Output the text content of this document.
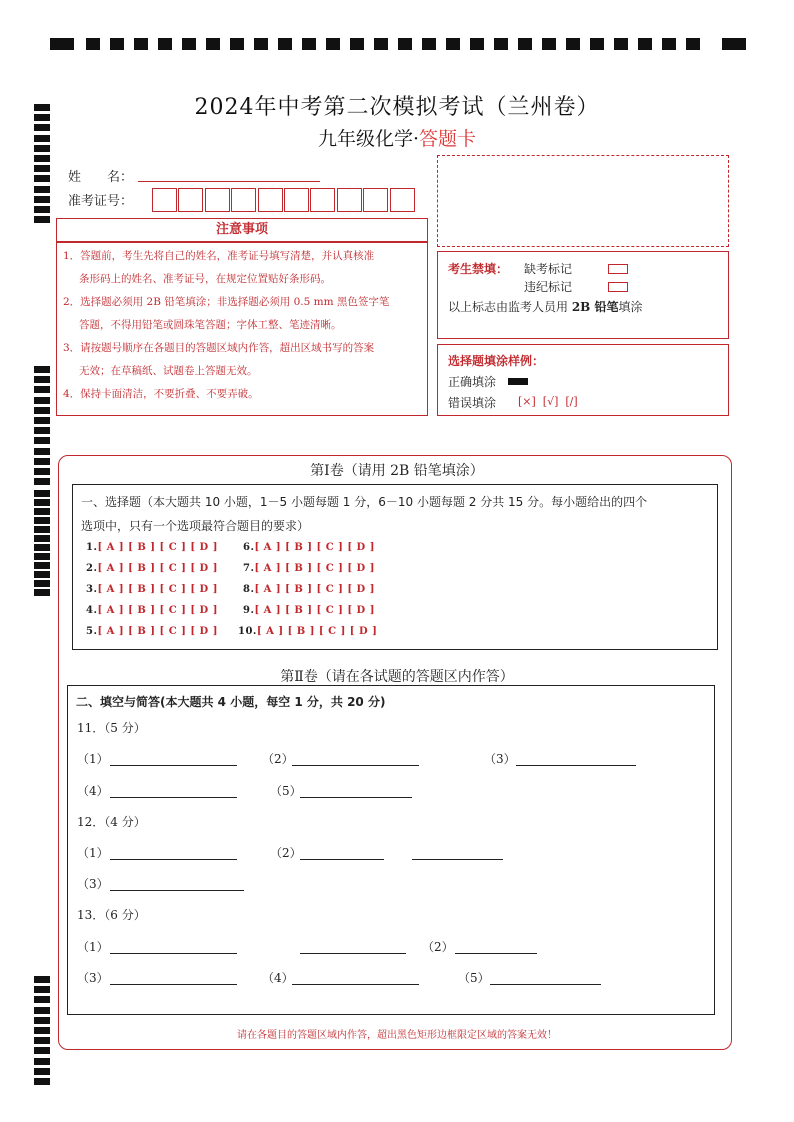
2024年中考第二次模拟考试（兰州卷）
九年级化学·答题卡
姓　　名：
准考证号：
注意事项
1．答题前，考生先将自己的姓名，准考证号填写清楚，并认真核准
条形码上的姓名、准考证号，在规定位置贴好条形码。
2．选择题必须用 2B 铅笔填涂；非选择题必须用 0.5 mm 黑色签字笔
答题，不得用铅笔或圆珠笔答题；字体工整、笔迹清晰。
3．请按题号顺序在各题目的答题区域内作答，超出区域书写的答案
无效；在草稿纸、试题卷上答题无效。
4．保持卡面清洁，不要折叠、不要弄破。
考生禁填： 缺考标记
违纪标记
以上标志由监考人员用 2B 铅笔填涂
选择题填涂样例：
正确填涂
错误填涂 [×]  [√]  [/]
第Ⅰ卷（请用 2B 铅笔填涂）
一、选择题（本大题共 10 小题，1－5 小题每题 1 分，6－10 小题每题 2 分共 15 分。每小题给出的四个
选项中，只有一个选项最符合题目的要求）
1.[ A ] [ B ] [ C ] [ D ]	6.[ A ] [ B ] [ C ] [ D ]
2.[ A ] [ B ] [ C ] [ D ]	7.[ A ] [ B ] [ C ] [ D ]
3.[ A ] [ B ] [ C ] [ D ]	8.[ A ] [ B ] [ C ] [ D ]
4.[ A ] [ B ] [ C ] [ D ]	9.[ A ] [ B ] [ C ] [ D ]
5.[ A ] [ B ] [ C ] [ D ] 10.[ A ] [ B ] [ C ] [ D ]
第Ⅱ卷（请在各试题的答题区内作答）
二、填空与简答(本大题共 4 小题，每空 1 分，共 20 分)
11．（5 分）
（1）	（2）	（3）
（4）	（5）
12．（4 分）
（1）	（2）
（3）
13．（6 分）
（1）	（2）
（3）	（4）	（5）
请在各题目的答题区域内作答，超出黑色矩形边框限定区域的答案无效！
